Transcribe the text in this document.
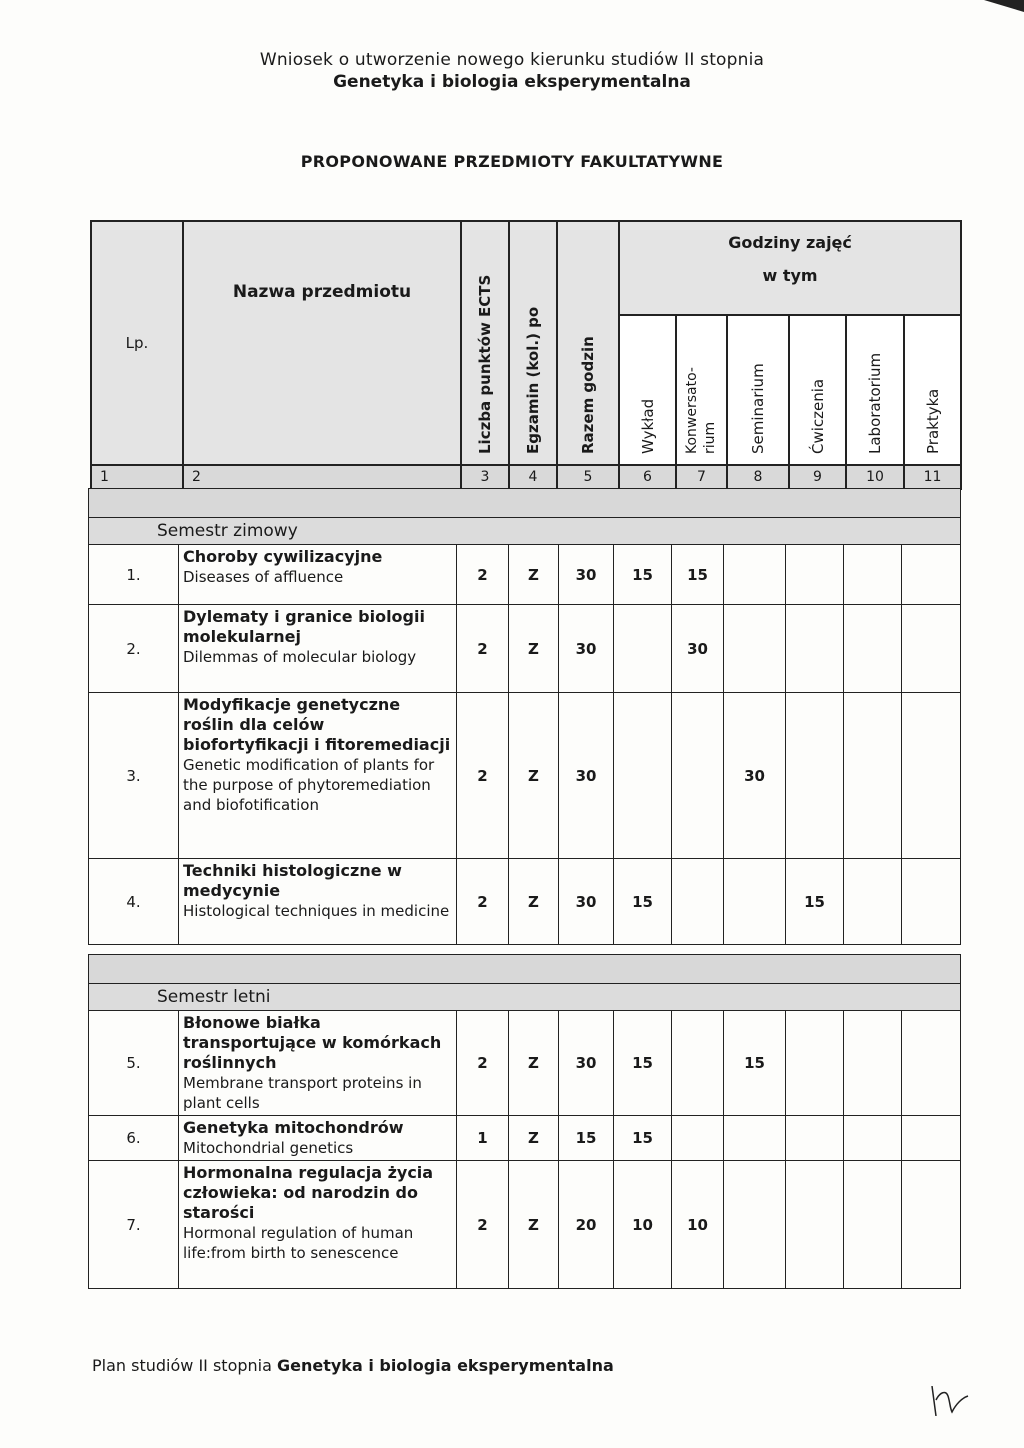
Wniosek o utworzenie nowego kierunku studiów II stopnia
Genetyka i biologia eksperymentalna
PROPONOWANE PRZEDMIOTY FAKULTATYWNE
Lp.	Nazwa przedmiotu	Liczba punktów ECTS	Egzamin (kol.) po	Razem godzin	Godziny zajęć
w tym					

					Wykład	Konwersato- rium	Seminarium	Ćwiczenia	Laboratorium	Praktyka

1	2	3	4	5	6	7	8	9	10	11

Semestr zimowy										
1.	Choroby cywilizacyjne
Diseases of affluence	2	Z	30	15	15				
2.	Dylematy i granice biologii molekularnej
Dilemmas of molecular biology	2	Z	30		30				
3.	Modyfikacje genetyczne roślin dla celów biofortyfikacji i fitoremediacji
Genetic modification of plants for the purpose of phytoremediation and biofotification	2	Z	30			30			
4.	Techniki histologiczne w medycynie
Histological techniques in medicine	2	Z	30	15			15		

Semestr letni										
5.	Błonowe białka transportujące w komórkach roślinnych
Membrane transport proteins in plant cells	2	Z	30	15		15			
6.	Genetyka mitochondrów
Mitochondrial genetics	1	Z	15	15					
7.	Hormonalna regulacja życia człowieka: od narodzin do starości
Hormonal regulation of human life:from birth to senescence	2	Z	20	10	10				
Plan studiów II stopnia Genetyka i biologia eksperymentalna
